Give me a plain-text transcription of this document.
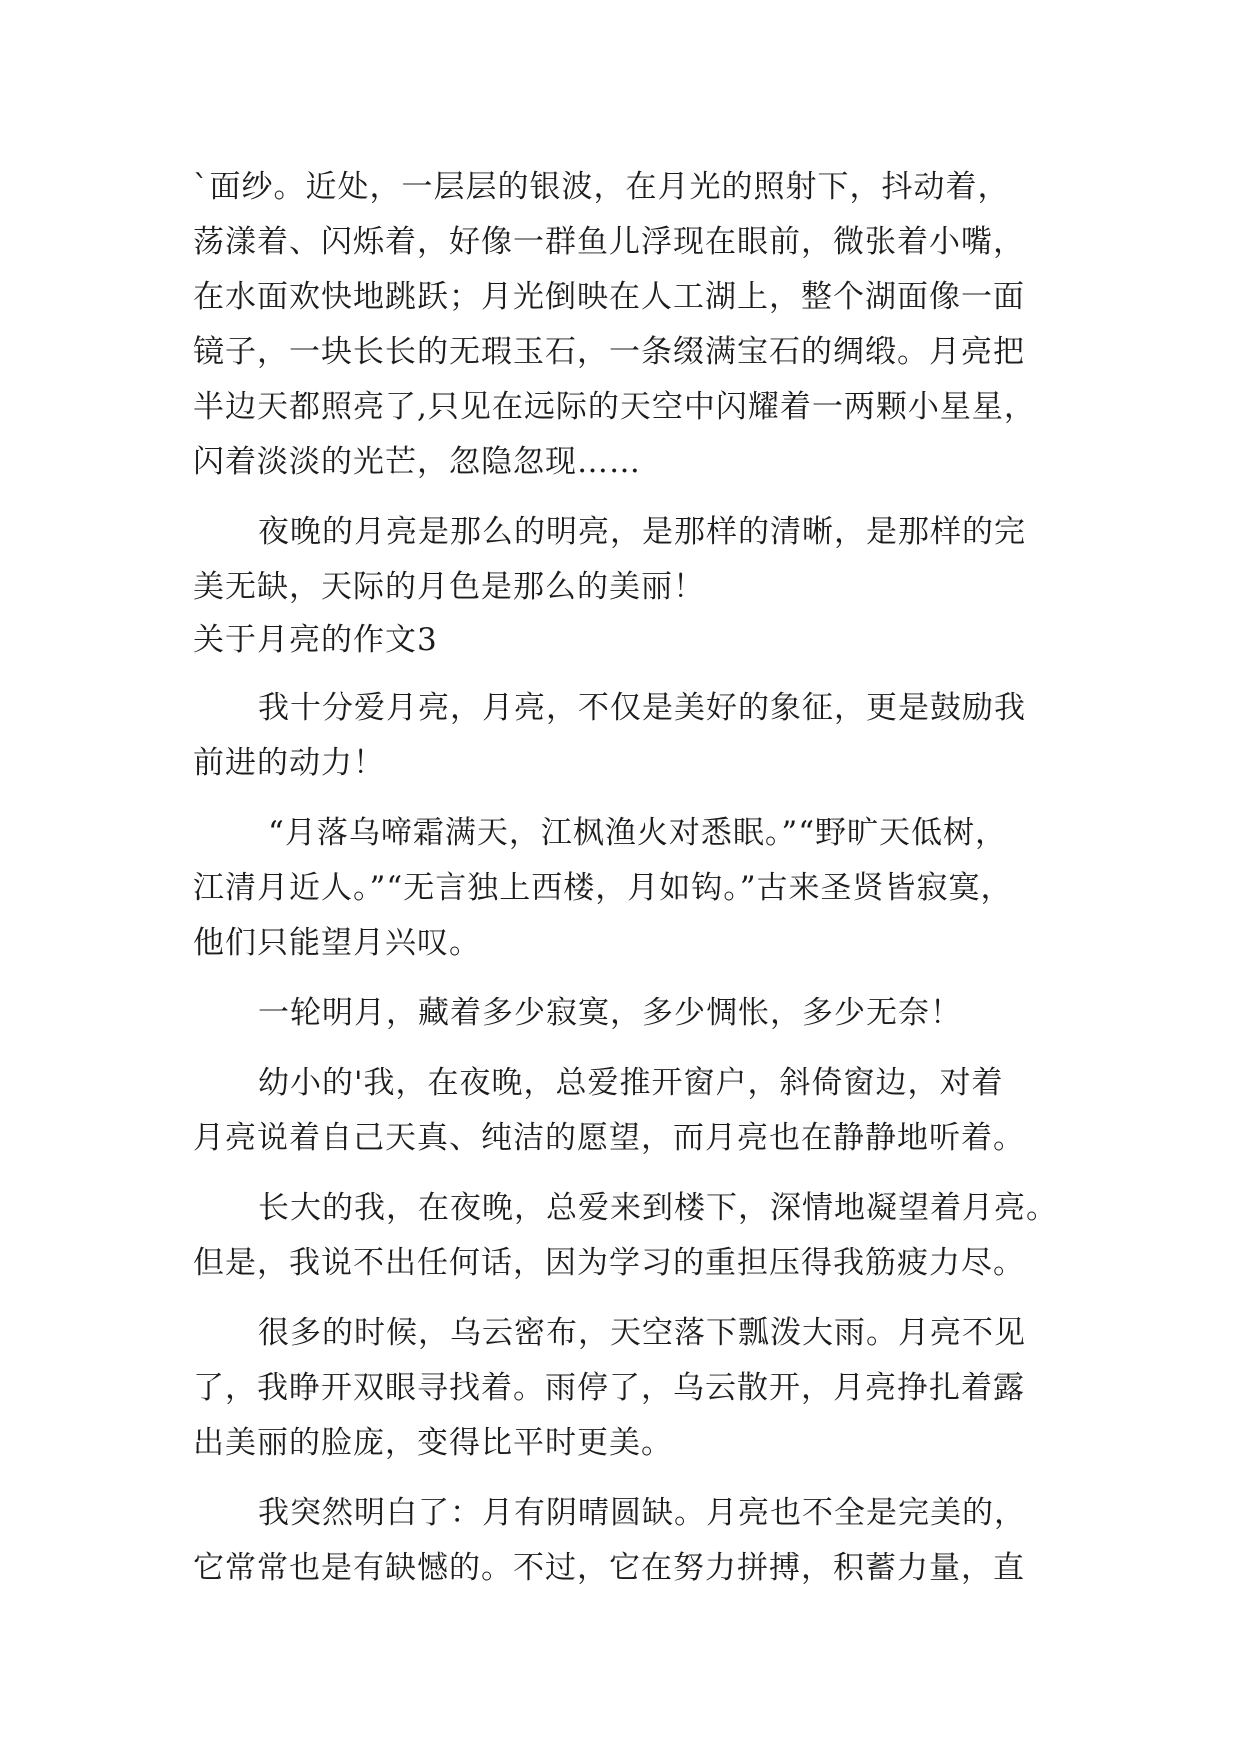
`面纱。近处，一层层的银波，在月光的照射下，抖动着，
荡漾着、闪烁着，好像一群鱼儿浮现在眼前，微张着小嘴，
在水面欢快地跳跃；月光倒映在人工湖上，整个湖面像一面
镜子，一块长长的无瑕玉石，一条缀满宝石的绸缎。月亮把
半边天都照亮了,只见在远际的天空中闪耀着一两颗小星星，
闪着淡淡的光芒，忽隐忽现……
夜晚的月亮是那么的明亮，是那样的清晰，是那样的完
美无缺，天际的月色是那么的美丽！
关于月亮的作文3
我十分爱月亮，月亮，不仅是美好的象征，更是鼓励我
前进的动力！
“月落乌啼霜满天，江枫渔火对悉眠。”“野旷天低树，
江清月近人。”“无言独上西楼，月如钩。”古来圣贤皆寂寞，
他们只能望月兴叹。
一轮明月，藏着多少寂寞，多少惆怅，多少无奈！
幼小的'我，在夜晚，总爱推开窗户，斜倚窗边，对着
月亮说着自己天真、纯洁的愿望，而月亮也在静静地听着。
长大的我，在夜晚，总爱来到楼下，深情地凝望着月亮。
但是，我说不出任何话，因为学习的重担压得我筋疲力尽。
很多的时候，乌云密布，天空落下瓢泼大雨。月亮不见
了，我睁开双眼寻找着。雨停了，乌云散开，月亮挣扎着露
出美丽的脸庞，变得比平时更美。
我突然明白了：月有阴晴圆缺。月亮也不全是完美的，
它常常也是有缺憾的。不过，它在努力拼搏，积蓄力量，直
